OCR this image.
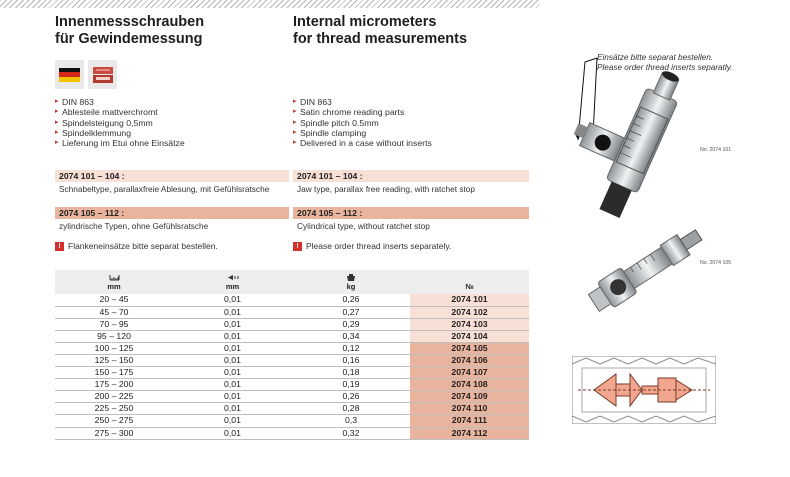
Innenmessschrauben
für Gewindemessung
Internal micrometers
for thread measurements
▸ DIN 863
▸ Ablesteile mattverchromt
▸ Spindelsteigung 0,5mm
▸ Spindelklemmung
▸ Lieferung im Etui ohne Einsätze
▸ DIN 863
▸ Satin chrome reading parts
▸ Spindle pitch 0.5mm
▸ Spindle clamping
▸ Delivered in a case without inserts
2074 101 – 104 :	2074 101 – 104 :
Schnabeltype, parallaxfreie Ablesung, mit Gefühlsratsche	Jaw type, parallax free reading, with ratchet stop
2074 105 – 112 :	2074 105 – 112 :
zylindrische Typen, ohne Gefühlsratsche	Cylindrical type, without ratchet stop
! Flankeneinsätze bitte separat bestellen.	! Please order thread inserts separately.
mm	mm	kg	№
20 – 45	0,01	0,26	2074 101
45 – 70	0,01	0,27	2074 102
70 – 95	0,01	0,29	2074 103
95 – 120	0,01	0,34	2074 104
100 – 125	0,01	0,12	2074 105
125 – 150	0,01	0,16	2074 106
150 – 175	0,01	0,18	2074 107
175 – 200	0,01	0,19	2074 108
200 – 225	0,01	0,26	2074 109
225 – 250	0,01	0,28	2074 110
250 – 275	0,01	0,3	2074 111
275 – 300	0,01	0,32	2074 112
Einsätze bitte separat bestellen.
Please order thread inserts separatly.
No. 2074 101
No. 2074 105
